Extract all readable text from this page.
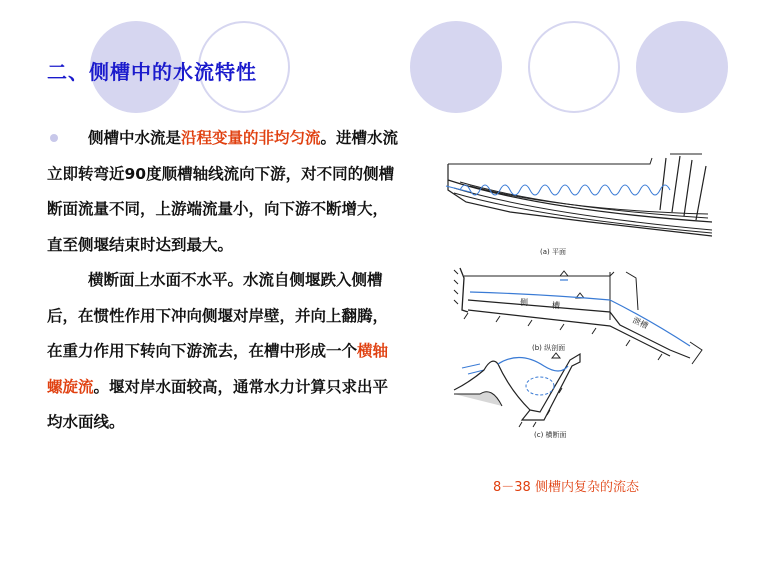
二、侧槽中的水流特性
侧槽中水流是沿程变量的非均匀流。进槽水流立即转弯近90度顺槽轴线流向下游，对不同的侧槽断面流量不同，上游端流量小，向下游不断增大，直至侧堰结束时达到最大。
横断面上水面不水平。水流自侧堰跌入侧槽后，在惯性作用下冲向侧堰对岸壁，并向上翻腾，在重力作用下转向下游流去，在槽中形成一个横轴螺旋流。堰对岸水面较高，通常水力计算只求出平均水面线。
(a) 平面
侧	槽
泄槽
(b) 纵剖面
(c) 横断面
8－38 侧槽内复杂的流态
